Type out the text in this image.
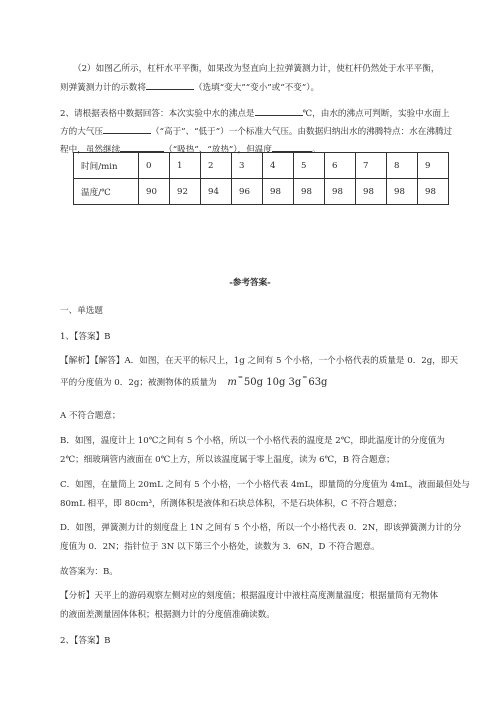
（2）如图乙所示，杠杆水平平衡，如果改为竖直向上拉弹簧测力计，使杠杆仍然处于水平平衡，
则弹簧测力计的示数将	（选填“变大”“变小”或“不变”）。
2、请根据表格中数据回答：本次实验中水的沸点是	℃，由水的沸点可判断，实验中水面上
方的大气压	（“高于”、“低于”）一个标准大气压。由数据归纳出水的沸腾特点：水在沸腾过
程中，虽然继续	（“吸热”、“放热”），但温度	。
时间/min	0	1	2	3	4	5	6	7	8	9
温度/℃	90	92	94	96	98	98	98	98	98	98
-参考答案-
一、单选题
1、【答案】B
【解析】【解答】A．如图，在天平的标尺上，1g 之间有 5 个小格，一个小格代表的质量是 0．2g，即天
平的分度值为 0．2g；被测物体的质量为 m=50g 10g 3g=63g
A 不符合题意；
B．如图，温度计上 10℃之间有 5 个小格，所以一个小格代表的温度是 2℃，即此温度计的分度值为
2℃；细玻璃管内液面在 0℃上方，所以该温度属于零上温度，读为 6℃，B 符合题意；
C．如图，在量筒上 20mL 之间有 5 个小格，一个小格代表 4mL，即量筒的分度值为 4mL，液面最但处与
80mL 相平，即 80cm³，所测体积是液体和石块总体积，不是石块体积，C 不符合题意；
D．如图，弹簧测力计的刻度盘上 1N 之间有 5 个小格，所以一个小格代表 0．2N，即该弹簧测力计的分
度值为 0．2N；指针位于 3N 以下第三个小格处，读数为 3．6N，D 不符合题意。
故答案为：B。
【分析】天平上的游码观察左侧对应的刻度值；根据温度计中液柱高度测量温度；根据量筒有无物体
的液面差测量固体体积；根据测力计的分度值准确读数。
2、【答案】B
